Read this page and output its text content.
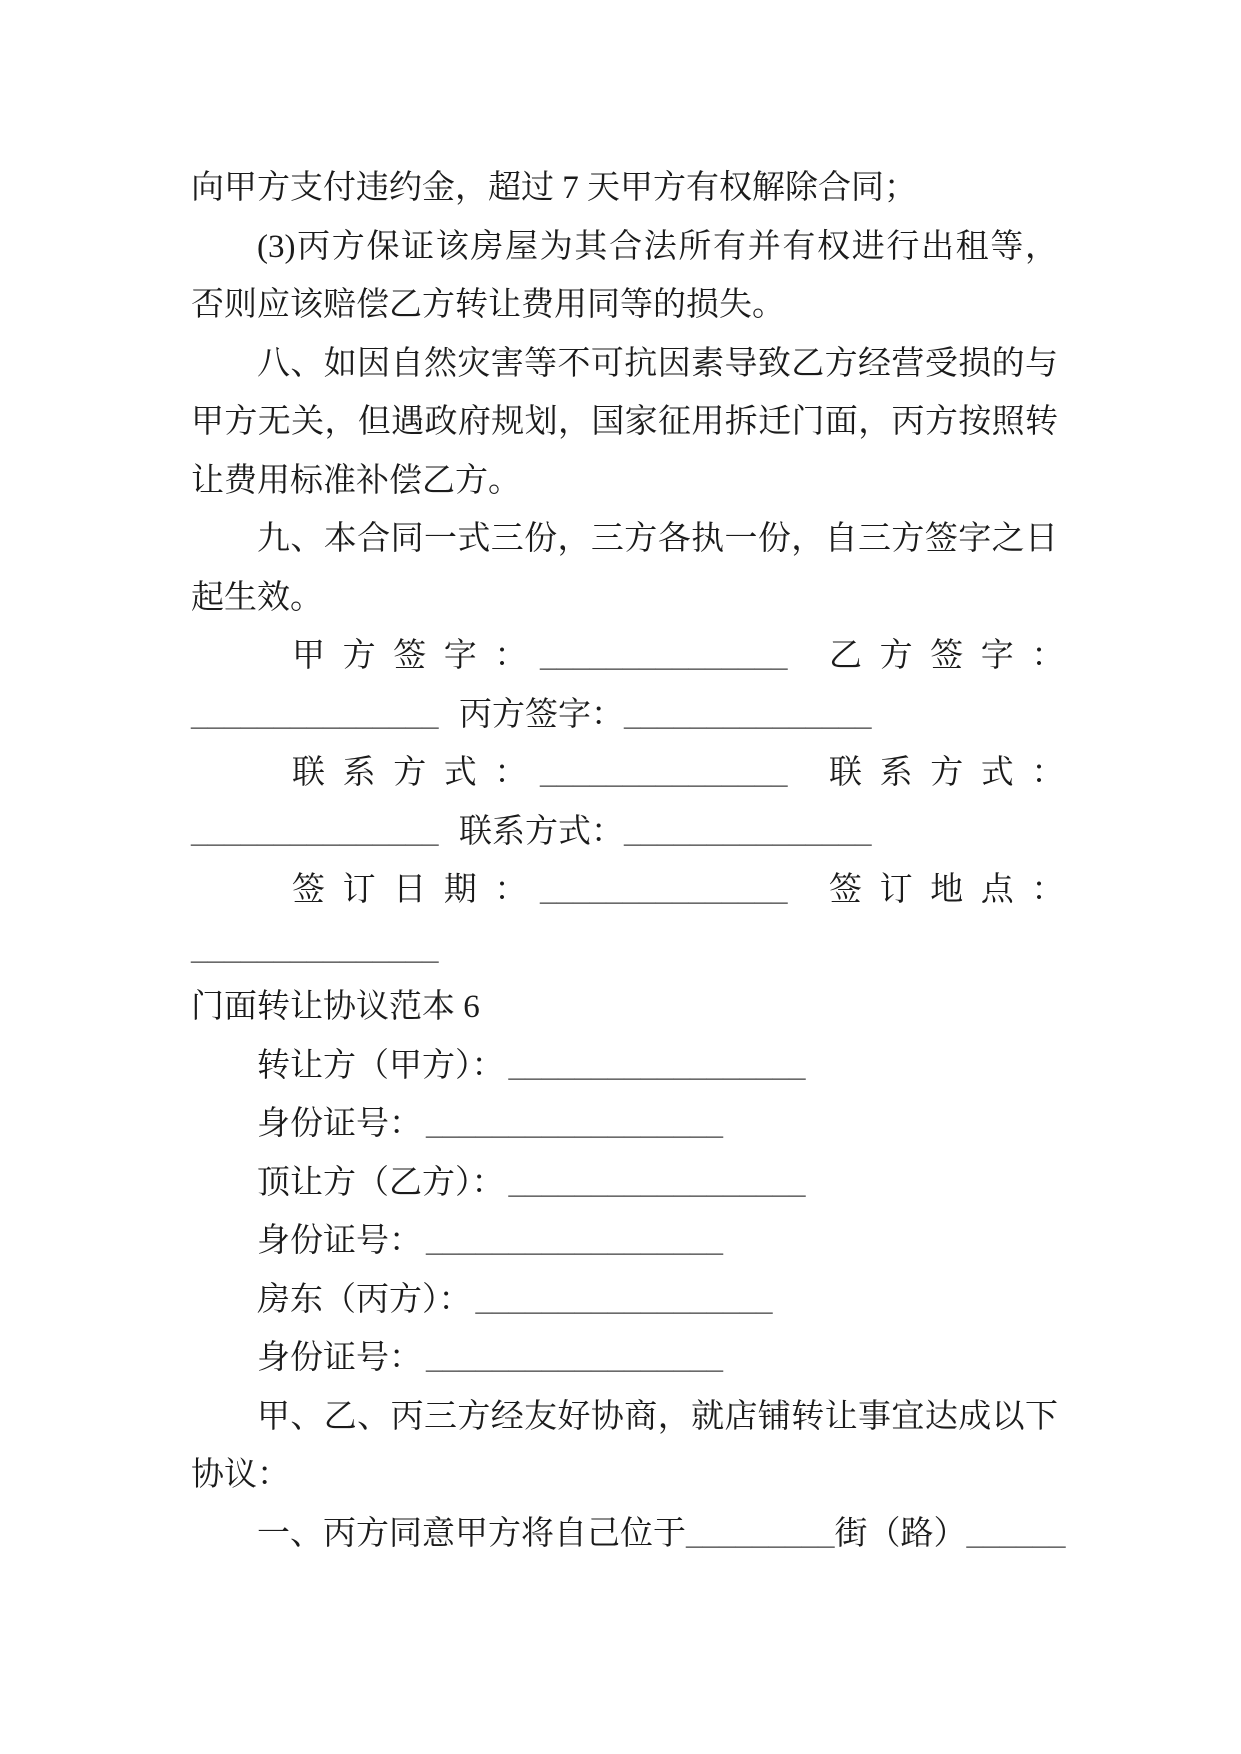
向甲方支付违约金，超过 7 天甲方有权解除合同；
(3)丙方保证该房屋为其合法所有并有权进行出租等，
否则应该赔偿乙方转让费用同等的损失。
八、如因自然灾害等不可抗因素导致乙方经营受损的与
甲方无关，但遇政府规划，国家征用拆迁门面，丙方按照转
让费用标准补偿乙方。
九、本合同一式三份，三方各执一份，自三方签字之日
起生效。
甲方签字：
_______________ 乙方签字：
_______________ 丙方签字： _______________
联系方式：
_______________ 联系方式：
_______________ 联系方式： _______________
签订日期：
_______________ 签订地点：
_______________
门面转让协议范本 6
转让方（甲方）： __________________
身份证号： __________________
顶让方（乙方）： __________________
身份证号： __________________
房东（丙方）： __________________
身份证号： __________________
甲、乙、丙三方经友好协商，就店铺转让事宜达成以下
协议：
一、丙方同意甲方将自己位于_________街（路）______
